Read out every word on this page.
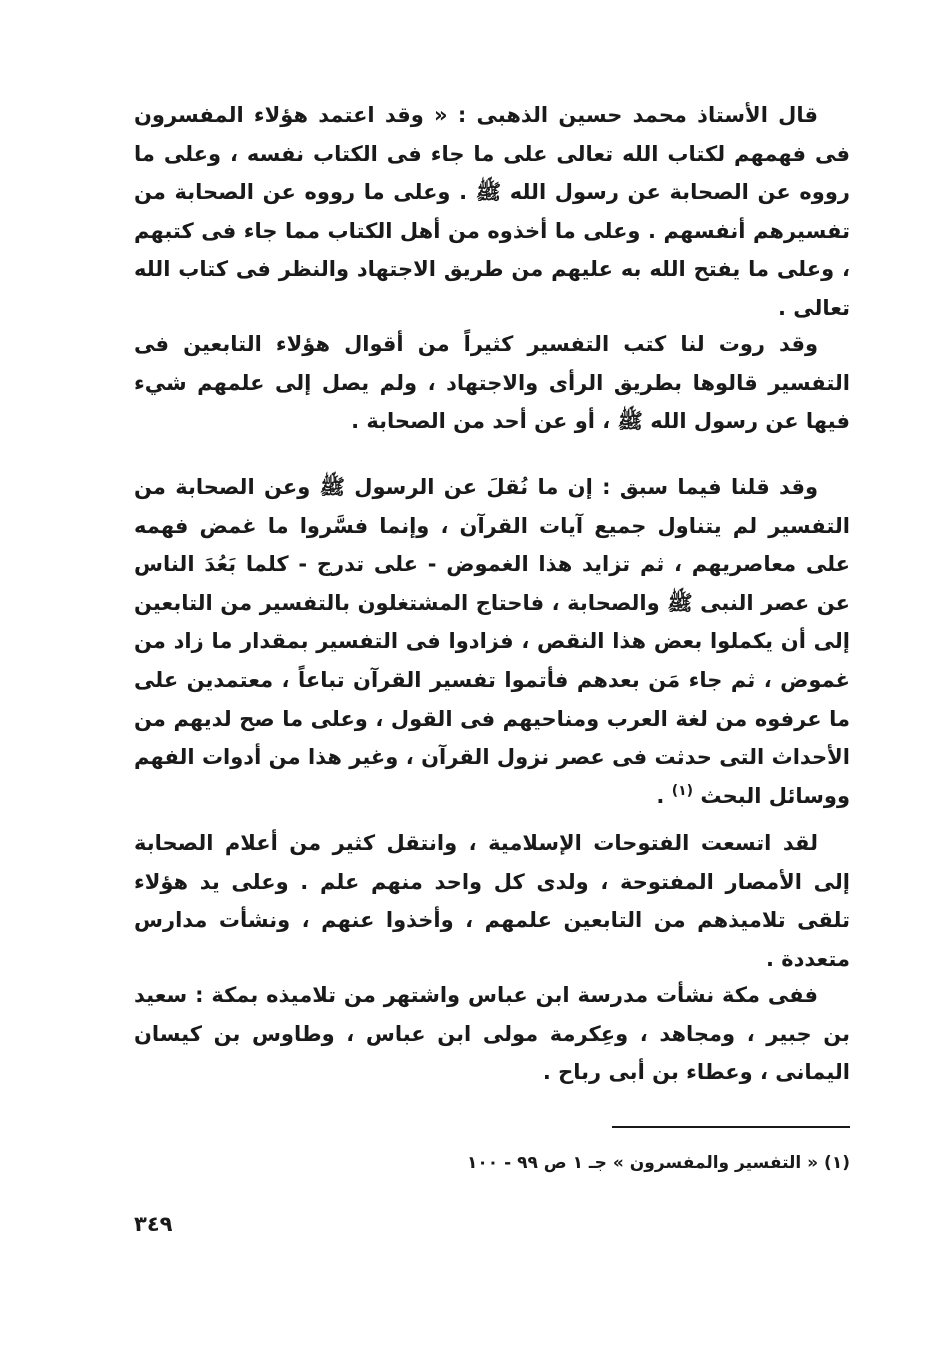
قال الأستاذ محمد حسين الذهبى : « وقد اعتمد هؤلاء المفسرون فى فهمهم لكتاب الله تعالى على ما جاء فى الكتاب نفسه ، وعلى ما رووه عن الصحابة عن رسول الله ﷺ . وعلى ما رووه عن الصحابة من تفسيرهم أنفسهم . وعلى ما أخذوه من أهل الكتاب مما جاء فى كتبهم ، وعلى ما يفتح الله به عليهم من طريق الاجتهاد والنظر فى كتاب الله تعالى .

وقد روت لنا كتب التفسير كثيراً من أقوال هؤلاء التابعين فى التفسير قالوها بطريق الرأى والاجتهاد ، ولم يصل إلى علمهم شيء فيها عن رسول الله ﷺ ، أو عن أحد من الصحابة .

وقد قلنا فيما سبق : إن ما نُقلَ عن الرسول ﷺ وعن الصحابة من التفسير لم يتناول جميع آيات القرآن ، وإنما فسَّروا ما غمض فهمه على معاصريهم ، ثم تزايد هذا الغموض - على تدرج - كلما بَعُدَ الناس عن عصر النبى ﷺ والصحابة ، فاحتاج المشتغلون بالتفسير من التابعين إلى أن يكملوا بعض هذا النقص ، فزادوا فى التفسير بمقدار ما زاد من غموض ، ثم جاء مَن بعدهم فأتموا تفسير القرآن تباعاً ، معتمدين على ما عرفوه من لغة العرب ومناحيهم فى القول ، وعلى ما صح لديهم من الأحداث التى حدثت فى عصر نزول القرآن ، وغير هذا من أدوات الفهم ووسائل البحث $^{(١)}$ .

لقد اتسعت الفتوحات الإسلامية ، وانتقل كثير من أعلام الصحابة إلى الأمصار المفتوحة ، ولدى كل واحد منهم علم . وعلى يد هؤلاء تلقى تلاميذهم من التابعين علمهم ، وأخذوا عنهم ، ونشأت مدارس متعددة .

ففى مكة نشأت مدرسة ابن عباس واشتهر من تلاميذه بمكة : سعيد بن جبير ، ومجاهد ، وعِكرمة مولى ابن عباس ، وطاوس بن كيسان اليمانى ، وعطاء بن أبى رباح .

(١) « التفسير والمفسرون » جـ ١ ص ٩٩ - ١٠٠
٣٤٩
